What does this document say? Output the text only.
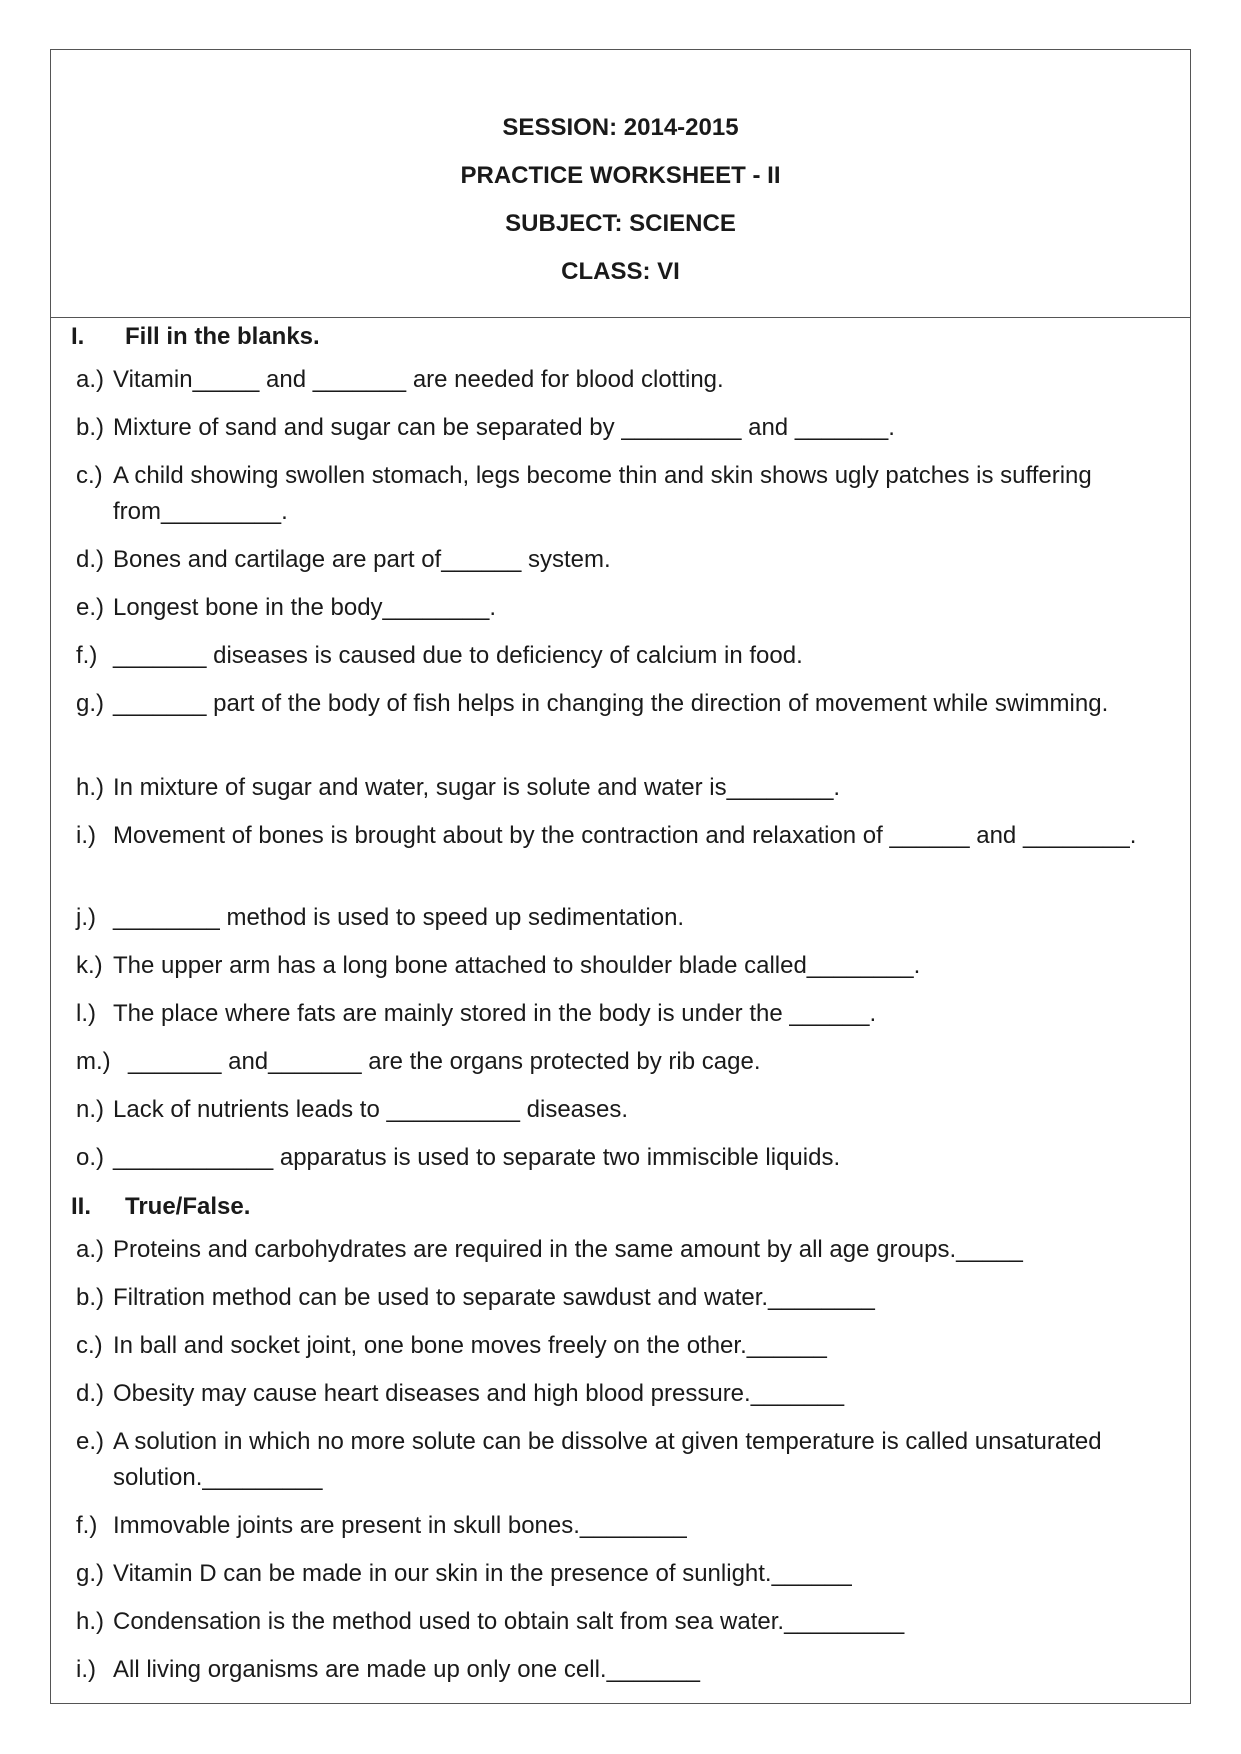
SESSION: 2014-2015
PRACTICE WORKSHEET - II
SUBJECT: SCIENCE
CLASS: VI
I. Fill in the blanks.
a.) Vitamin_____ and _______ are needed for blood clotting.
b.) Mixture of sand and sugar can be separated by _________ and _______.
c.) A child showing swollen stomach, legs become thin and skin shows ugly patches is suffering from_________.
d.) Bones and cartilage are part of______ system.
e.) Longest bone in the body________.
f.) _______ diseases is caused due to deficiency of calcium in food.
g.) _______ part of the body of fish helps in changing the direction of movement while swimming.
h.) In mixture of sugar and water, sugar is solute and water is________.
i.) Movement of bones is brought about by the contraction and relaxation of ______ and ________.
j.) ________ method is used to speed up sedimentation.
k.) The upper arm has a long bone attached to shoulder blade called________.
l.) The place where fats are mainly stored in the body is under the ______.
m.) _______ and_______ are the organs protected by rib cage.
n.) Lack of nutrients leads to __________ diseases.
o.) ____________ apparatus is used to separate two immiscible liquids.
II. True/False.
a.) Proteins and carbohydrates are required in the same amount by all age groups._____
b.) Filtration method can be used to separate sawdust and water.________
c.) In ball and socket joint, one bone moves freely on the other.______
d.) Obesity may cause heart diseases and high blood pressure._______
e.) A solution in which no more solute can be dissolve at given temperature is called unsaturated solution._________
f.) Immovable joints are present in skull bones.________
g.) Vitamin D can be made in our skin in the presence of sunlight.______
h.) Condensation is the method used to obtain salt from sea water._________
i.) All living organisms are made up only one cell._______
